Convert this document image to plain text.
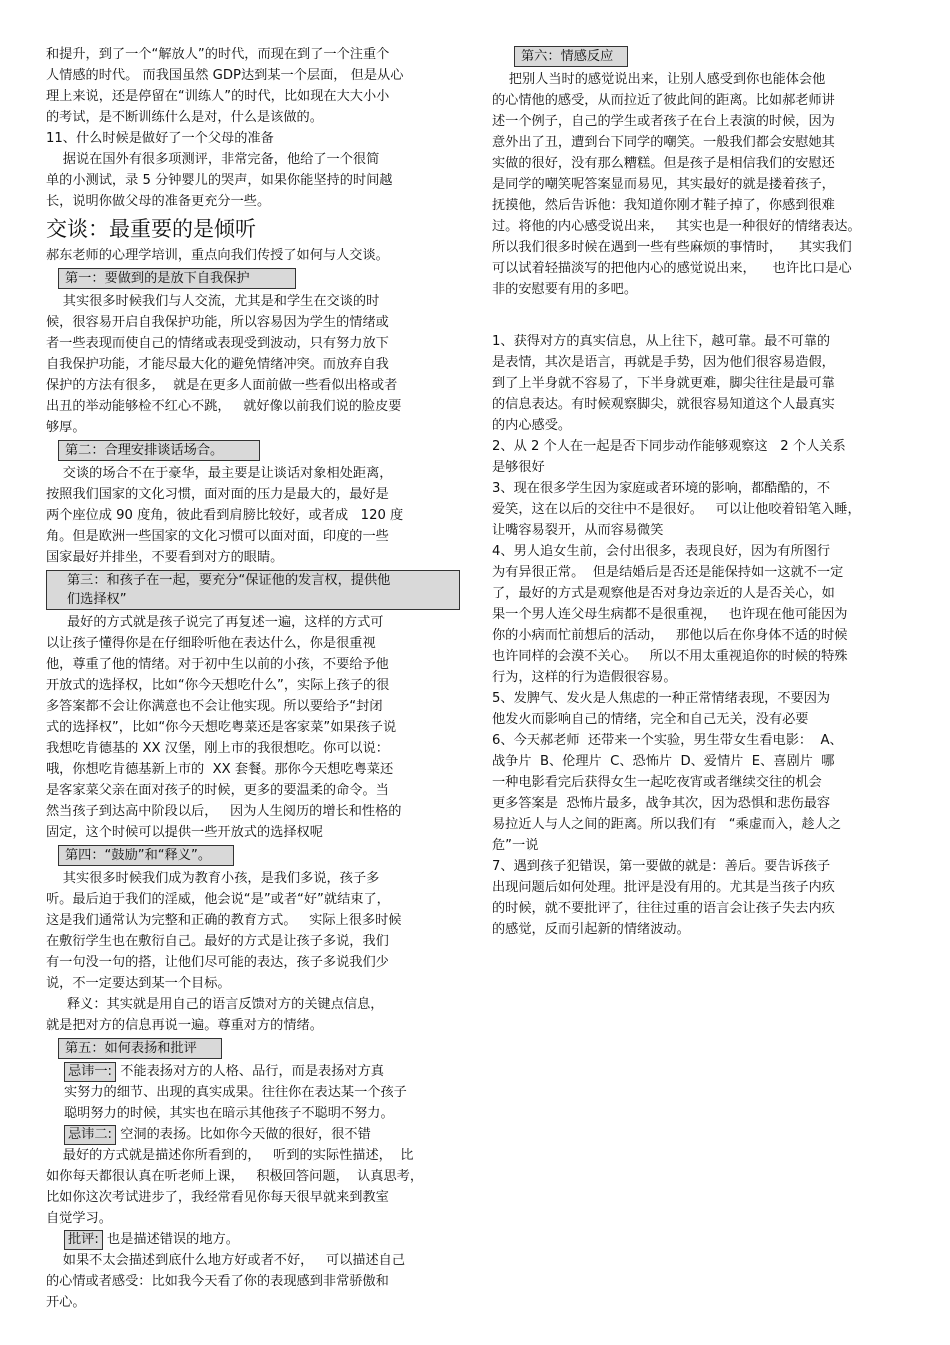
和提升，到了一个“解放人”的时代，而现在到了一个注重个
人情感的时代。 而我国虽然 GDP达到某一个层面， 但是从心
理上来说，还是停留在“训练人”的时代，比如现在大大小小
的考试，是不断训练什么是对，什么是该做的。

11、什么时候是做好了一个父母的准备

据说在国外有很多项测评，非常完备，他给了一个很简
单的小测试，录 5 分钟婴儿的哭声，如果你能坚持的时间越
长，说明你做父母的准备更充分一些。

交谈：最重要的是倾听

郝东老师的心理学培训，重点向我们传授了如何与人交谈。

第一：要做到的是放下自我保护

其实很多时候我们与人交流，尤其是和学生在交谈的时
候，很容易开启自我保护功能，所以容易因为学生的情绪或
者一些表现而使自己的情绪或表现受到波动，只有努力放下
自我保护功能，才能尽最大化的避免情绪冲突。而放弃自我
保护的方法有很多，  就是在更多人面前做一些看似出格或者
出丑的举动能够检不红心不跳，   就好像以前我们说的脸皮要
够厚。

第二：合理安排谈话场合。

交谈的场合不在于豪华，最主要是让谈话对象相处距离，
按照我们国家的文化习惯，面对面的压力是最大的，最好是
两个座位成 90 度角，彼此看到肩膀比较好，或者成   120 度
角。但是欧洲一些国家的文化习惯可以面对面，印度的一些
国家最好并排坐，不要看到对方的眼睛。

第三：和孩子在一起，要充分“保证他的发言权，提供他
们选择权”

最好的方式就是孩子说完了再复述一遍，这样的方式可
以让孩子懂得你是在仔细聆听他在表达什么，你是很重视
他，尊重了他的情绪。对于初中生以前的小孩，不要给予他
开放式的选择权，比如“你今天想吃什么”，实际上孩子的很
多答案都不会让你满意也不会让他实现。所以要给予“封闭
式的选择权”，比如“你今天想吃粤菜还是客家菜”如果孩子说
我想吃肯德基的 XX 汉堡，刚上市的我很想吃。你可以说：
哦，你想吃肯德基新上市的  XX 套餐。那你今天想吃粤菜还
是客家菜父亲在面对孩子的时候，更多的要温柔的命令。当
然当孩子到达高中阶段以后，   因为人生阅历的增长和性格的
固定，这个时候可以提供一些开放式的选择权呢

第四：“鼓励”和“释义”。

其实很多时候我们成为教育小孩，是我们多说，孩子多
听。最后迫于我们的淫威，他会说“是”或者“好”就结束了，
这是我们通常认为完整和正确的教育方式。   实际上很多时候
在敷衍学生也在敷衍自己。最好的方式是让孩子多说，我们
有一句没一句的搭，让他们尽可能的表达，孩子多说我们少
说，不一定要达到某一个目标。

释义：其实就是用自己的语言反馈对方的关键点信息，
就是把对方的信息再说一遍。尊重对方的情绪。

第五：如何表扬和批评

忌讳一: 不能表扬对方的人格、品行，而是表扬对方真
实努力的细节、出现的真实成果。往往你在表达某一个孩子
聪明努力的时候，其实也在暗示其他孩子不聪明不努力。

忌讳二: 空洞的表扬。比如你今天做的很好，很不错

最好的方式就是描述你所看到的，   听到的实际性描述，  比
如你每天都很认真在听老师上课，   积极回答问题，  认真思考，
比如你这次考试进步了，我经常看见你每天很早就来到教室
自觉学习。

批评: 也是描述错误的地方。

如果不太会描述到底什么地方好或者不好，   可以描述自己
的心情或者感受：比如我今天看了你的表现感到非常骄傲和
开心。

第六：情感反应

把别人当时的感觉说出来，让别人感受到你也能体会他
的心情他的感受，从而拉近了彼此间的距离。比如郝老师讲
述一个例子，自己的学生或者孩子在台上表演的时候，因为
意外出了丑，遭到台下同学的嘲笑。一般我们都会安慰她其
实做的很好，没有那么糟糕。但是孩子是相信我们的安慰还
是同学的嘲笑呢答案显而易见，其实最好的就是搂着孩子，
抚摸他，然后告诉他：我知道你刚才鞋子掉了，你感到很难
过。将他的内心感受说出来，   其实也是一种很好的情绪表达。
所以我们很多时候在遇到一些有些麻烦的事情时，    其实我们
可以试着轻描淡写的把他内心的感觉说出来，    也许比口是心
非的安慰要有用的多吧。

1、获得对方的真实信息，从上往下，越可靠。最不可靠的
是表情，其次是语言，再就是手势，因为他们很容易造假，
到了上半身就不容易了，下半身就更难，脚尖往往是最可靠
的信息表达。有时候观察脚尖，就很容易知道这个人最真实
的内心感受。

2、从 2 个人在一起是否下同步动作能够观察这   2 个人关系
是够很好

3、现在很多学生因为家庭或者环境的影响，都酷酷的，不
爱笑，这在以后的交往中不是很好。   可以让他咬着铅笔入睡，
让嘴容易裂开，从而容易微笑

4、男人追女生前，会付出很多，表现良好，因为有所图行
为有异很正常。  但是结婚后是否还是能保持如一这就不一定
了，最好的方式是观察他是否对身边亲近的人是否关心，如
果一个男人连父母生病都不是很重视，   也许现在他可能因为
你的小病而忙前想后的活动，   那他以后在你身体不适的时候
也许同样的会漠不关心。   所以不用太重视追你的时候的特殊
行为，这样的行为造假很容易。

5、发脾气、发火是人焦虑的一种正常情绪表现，不要因为
他发火而影响自己的情绪，完全和自己无关，没有必要

6、今天郝老师  还带来一个实验，男生带女生看电影：  A、
战争片  B、伦理片  C、恐怖片  D、爱情片  E、喜剧片  哪
一种电影看完后获得女生一起吃夜宵或者继续交往的机会
更多答案是  恐怖片最多，战争其次，因为恐惧和悲伤最容
易拉近人与人之间的距离。所以我们有   “乘虚而入，趁人之
危”一说

7、遇到孩子犯错误，第一要做的就是：善后。要告诉孩子
出现问题后如何处理。批评是没有用的。尤其是当孩子内疚
的时候，就不要批评了，往往过重的语言会让孩子失去内疚
的感觉，反而引起新的情绪波动。
